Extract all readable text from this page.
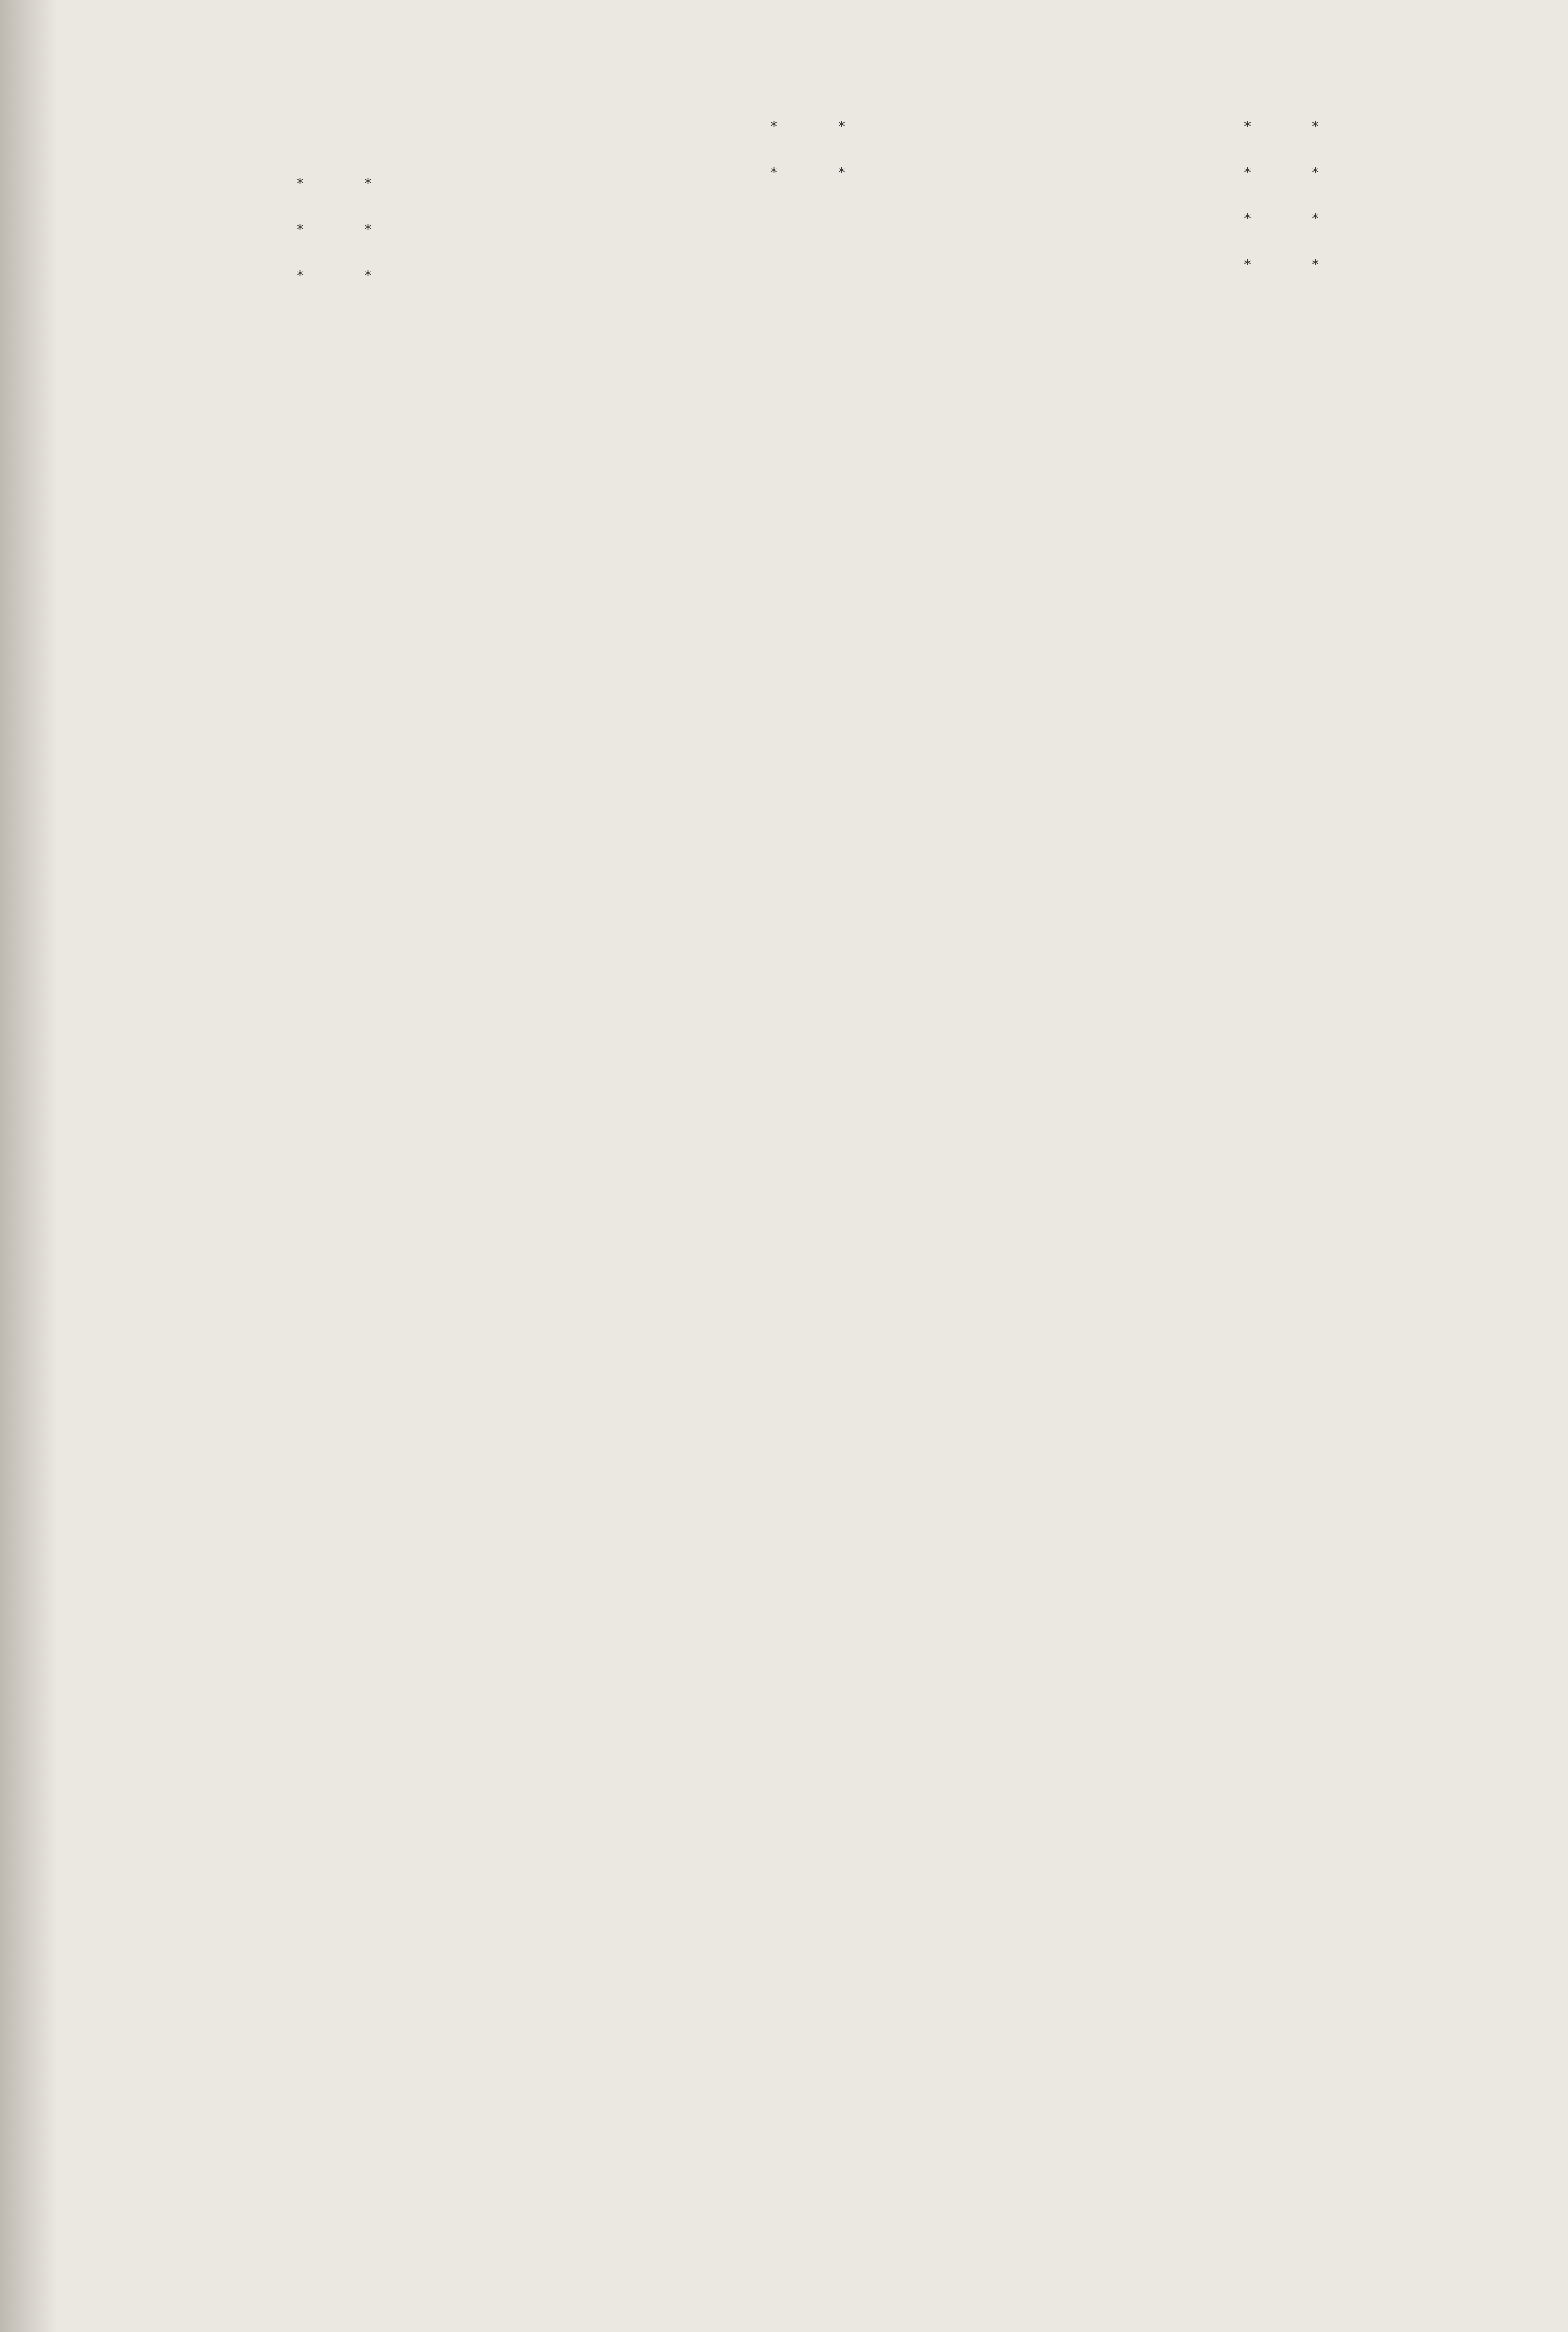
* *

* *

* *

* *

* *

* *

* *

* *

* *
